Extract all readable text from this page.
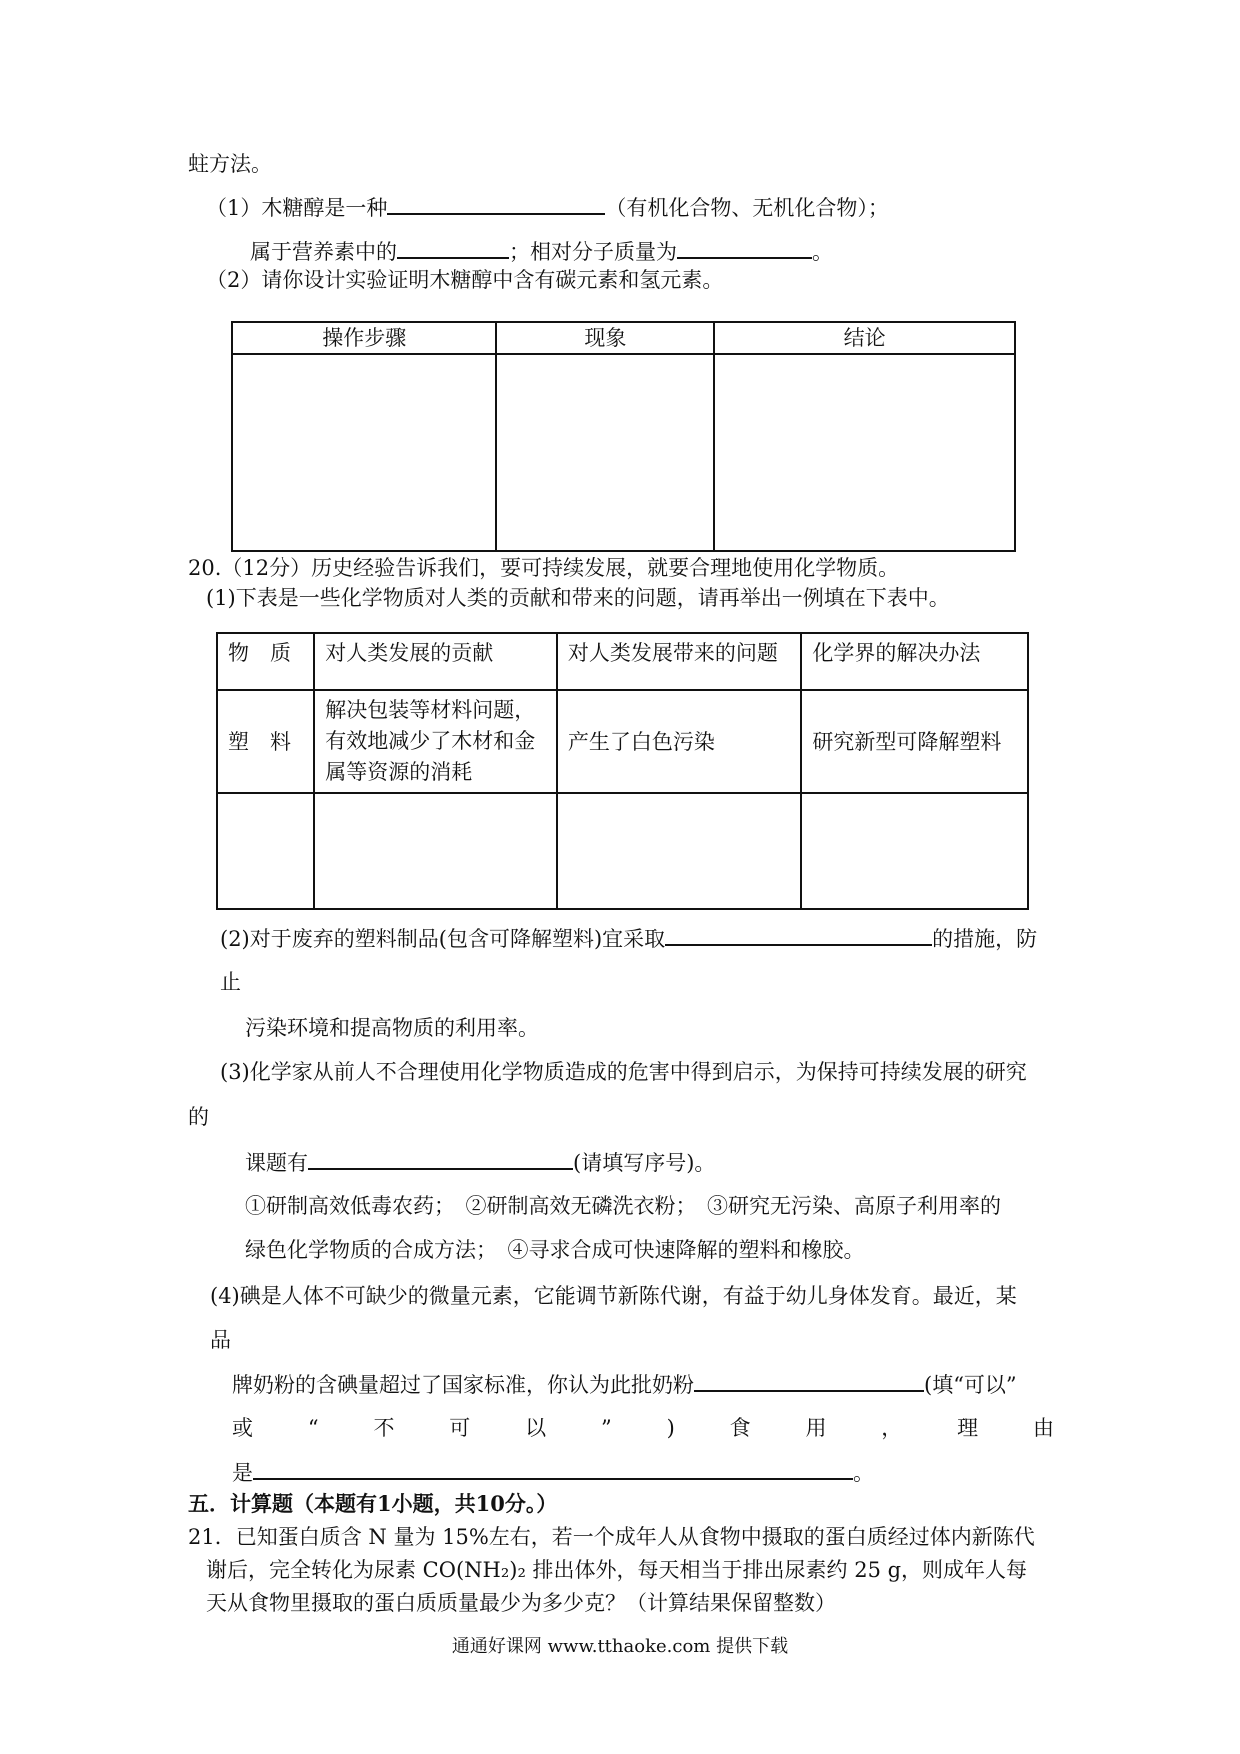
蛀方法。
（1）木糖醇是一种	（有机化合物、无机化合物）；
属于营养素中的	；相对分子质量为	。
（2）请你设计实验证明木糖醇中含有碳元素和氢元素。
操作步骤	现象	结论

20.（12分）历史经验告诉我们，要可持续发展，就要合理地使用化学物质。
(1)下表是一些化学物质对人类的贡献和带来的问题，请再举出一例填在下表中。
物　质	对人类发展的贡献	对人类发展带来的问题	化学界的解决办法
塑　料	解决包装等材料问题，
有效地减少了木材和金
属等资源的消耗	产生了白色污染	研究新型可降解塑料

(2)对于废弃的塑料制品(包含可降解塑料)宜采取	的措施，防
止
污染环境和提高物质的利用率。
(3)化学家从前人不合理使用化学物质造成的危害中得到启示，为保持可持续发展的研究
的
课题有	(请填写序号)。
①研制高效低毒农药；　②研制高效无磷洗衣粉；　③研究无污染、高原子利用率的
绿色化学物质的合成方法；　④寻求合成可快速降解的塑料和橡胶。
(4)碘是人体不可缺少的微量元素，它能调节新陈代谢，有益于幼儿身体发育。最近，某
品
牌奶粉的含碘量超过了国家标准，你认为此批奶粉	(填“可以”
或	“	不	可	以	”	)	食	用	，	理	由
是	。
五．计算题（本题有1小题，共10分。）
21．已知蛋白质含 N 量为 15%左右，若一个成年人从食物中摄取的蛋白质经过体内新陈代
谢后，完全转化为尿素 CO(NH₂)₂ 排出体外，每天相当于排出尿素约 25 g，则成年人每
天从食物里摄取的蛋白质质量最少为多少克？（计算结果保留整数）
通通好课网 www.tthaoke.com 提供下载
